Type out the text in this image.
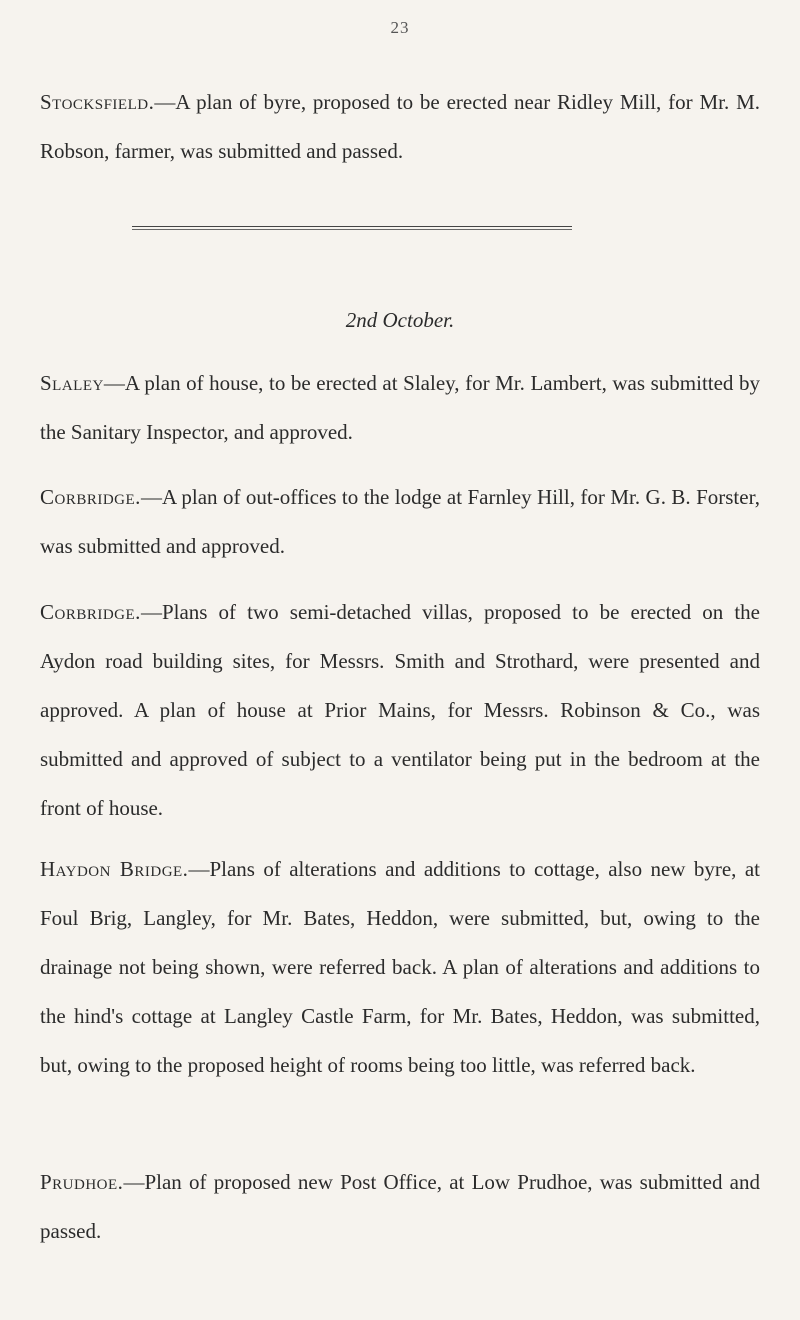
23

Stocksfield.—A plan of byre, proposed to be erected near Ridley Mill, for Mr. M. Robson, farmer, was submitted and passed.

2nd October.

Slaley—A plan of house, to be erected at Slaley, for Mr. Lambert, was submitted by the Sanitary Inspector, and approved.

Corbridge.—A plan of out-offices to the lodge at Farnley Hill, for Mr. G. B. Forster, was submitted and approved.

Corbridge.—Plans of two semi-detached villas, proposed to be erected on the Aydon road building sites, for Messrs. Smith and Strothard, were presented and approved. A plan of house at Prior Mains, for Messrs. Robinson & Co., was submitted and approved of subject to a ventilator being put in the bedroom at the front of house.

Haydon Bridge.—Plans of alterations and additions to cottage, also new byre, at Foul Brig, Langley, for Mr. Bates, Heddon, were submitted, but, owing to the drainage not being shown, were referred back. A plan of alterations and additions to the hind's cottage at Langley Castle Farm, for Mr. Bates, Heddon, was submitted, but, owing to the proposed height of rooms being too little, was referred back.

Prudhoe.—Plan of proposed new Post Office, at Low Prudhoe, was submitted and passed.
